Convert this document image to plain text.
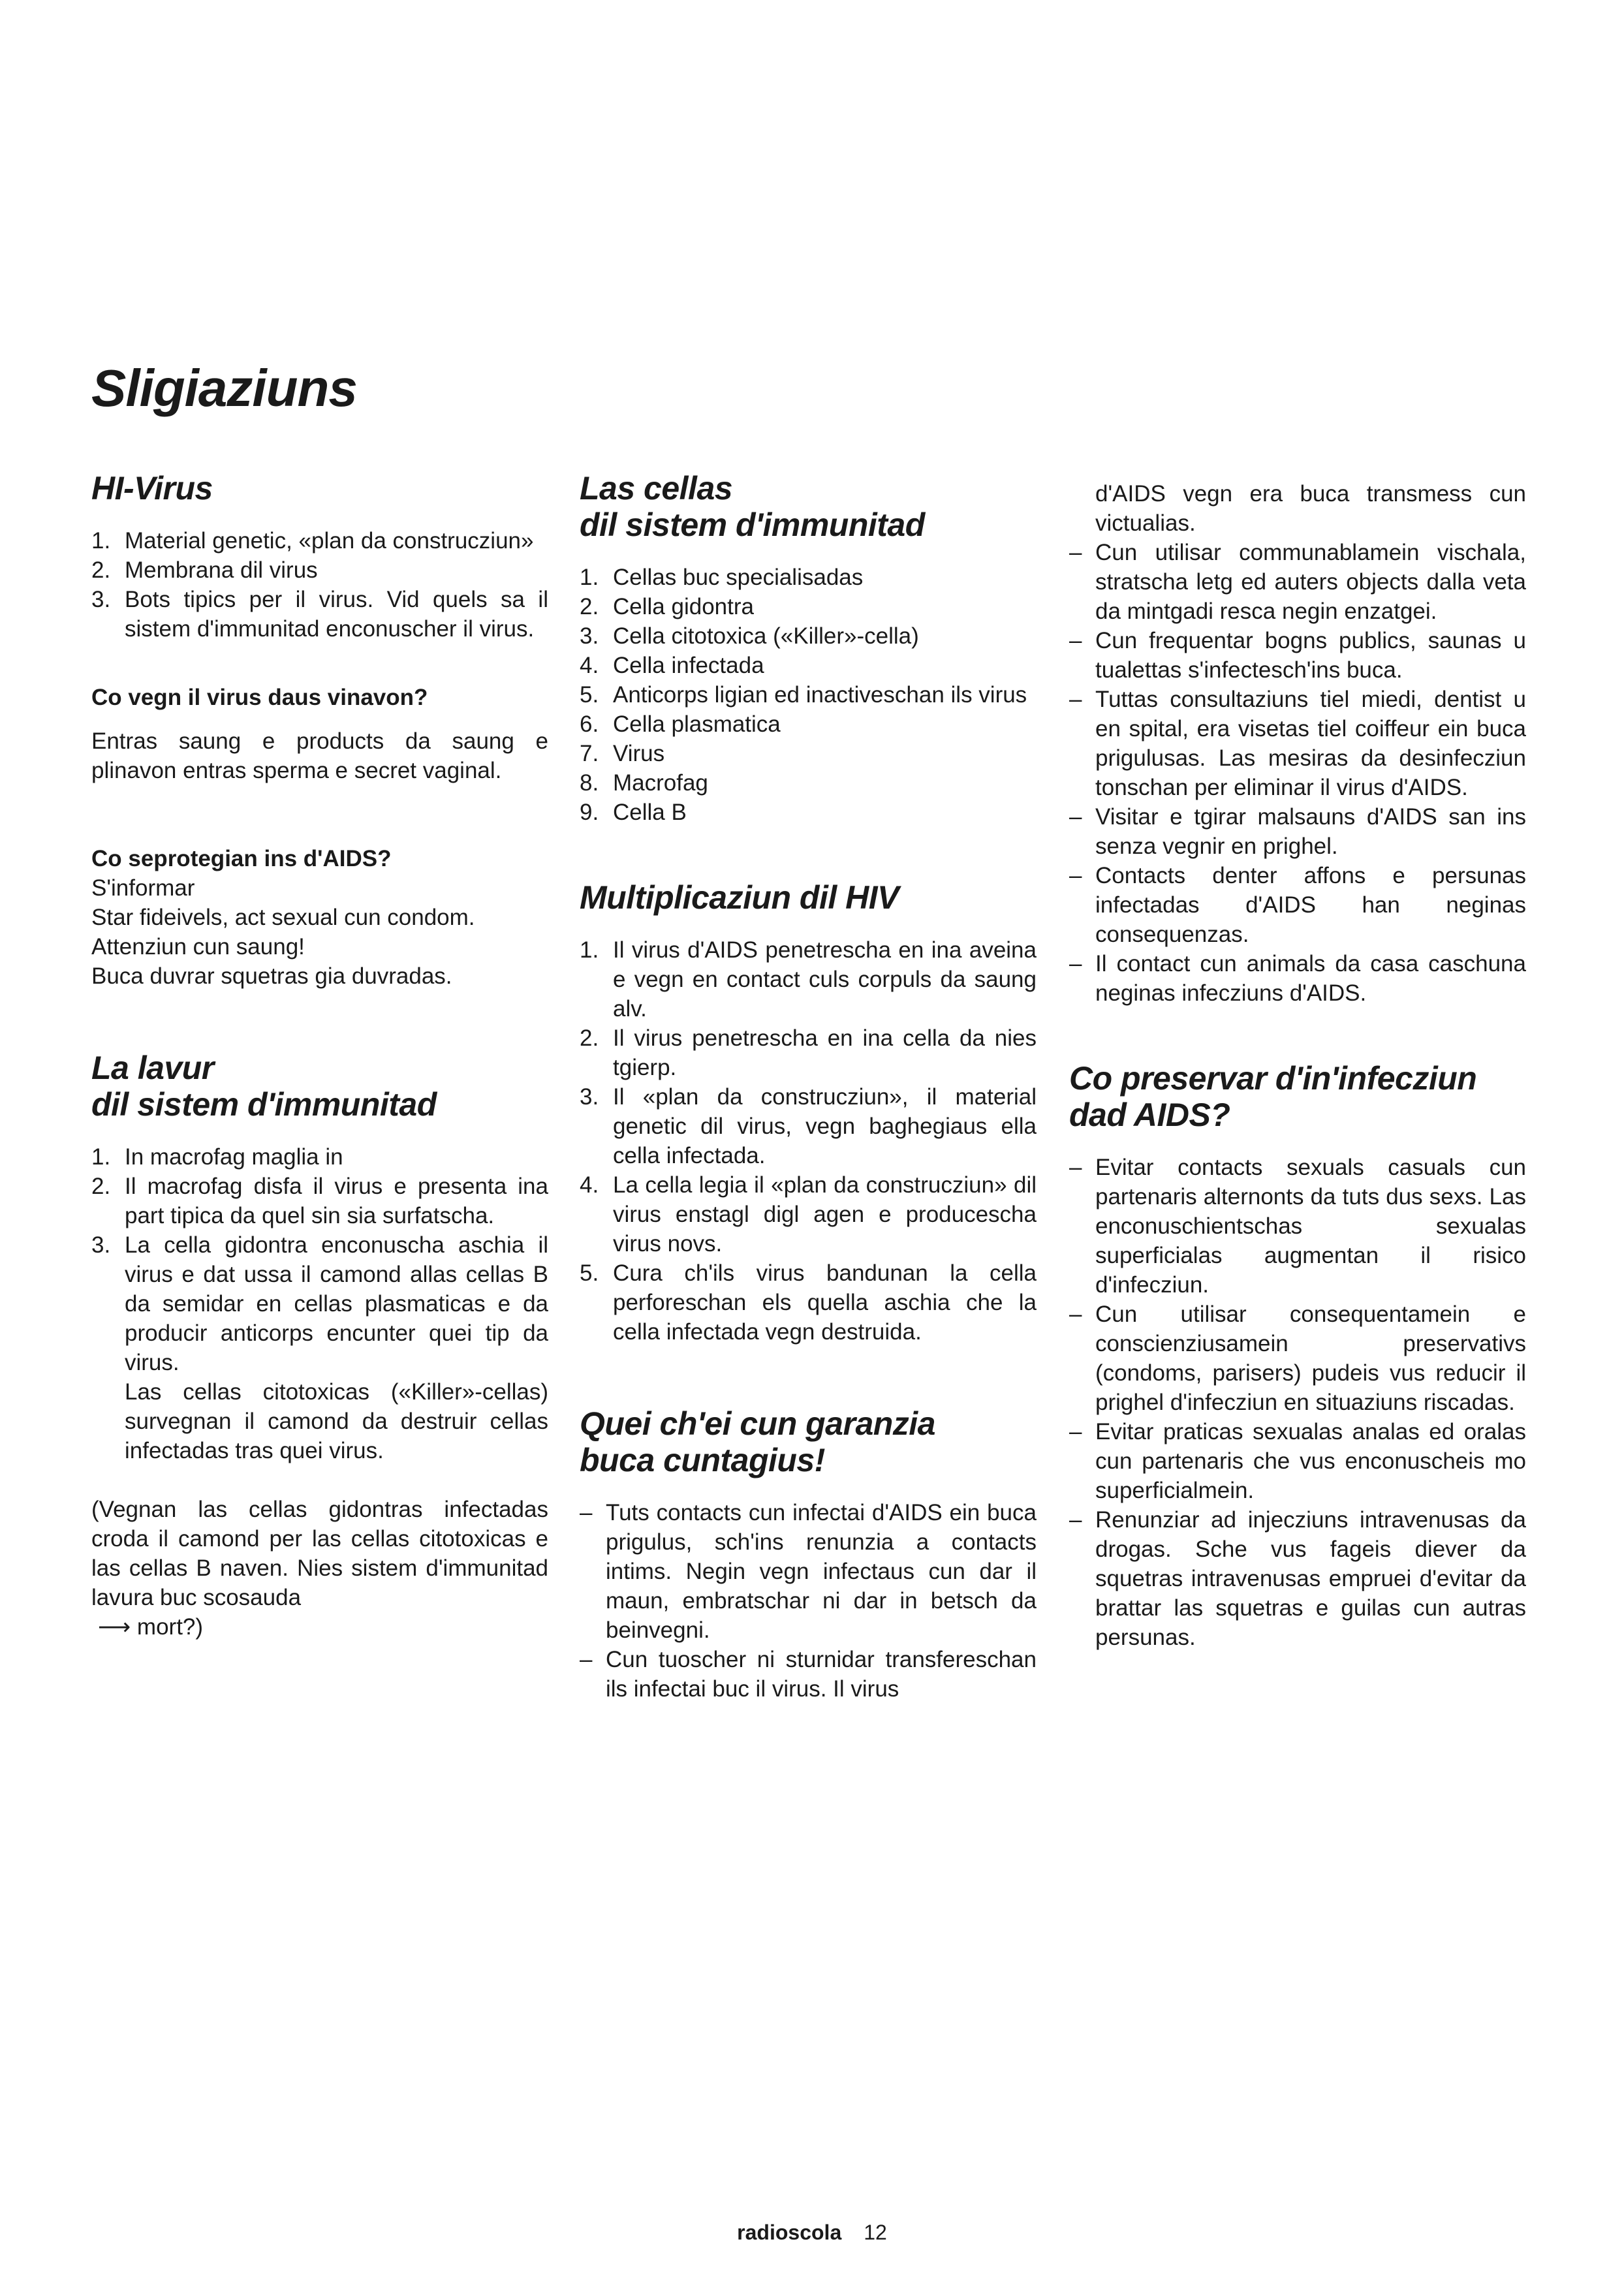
Sligiaziuns
HI-Virus
1. Material genetic, «plan da construcziun»
2. Membrana dil virus
3. Bots tipics per il virus. Vid quels sa il sistem d'immunitad enconuscher il virus.
Co vegn il virus daus vinavon?

Entras saung e products da saung e plinavon entras sperma e secret vaginal.

Co seprotegian ins d'AIDS?

S'informar

Star fideivels, act sexual cun condom.

Attenziun cun saung!

Buca duvrar squetras gia duvradas.

La lavur
dil sistem d'immunitad
1. In macrofag maglia in
2. Il macrofag disfa il virus e presenta ina part tipica da quel sin sia surfatscha.
3. La cella gidontra enconuscha aschia il virus e dat ussa il camond allas cellas B da semidar en cellas plasmaticas e da producir anticorps encunter quei tip da virus.
Las cellas citotoxicas («Killer»-cellas) survegnan il camond da destruir cellas infectadas tras quei virus.

(Vegnan las cellas gidontras infectadas croda il camond per las cellas citotoxicas e las cellas B naven. Nies sistem d'immunitad lavura buc scosauda
⟶ mort?)

Las cellas
dil sistem d'immunitad
1. Cellas buc specialisadas
2. Cella gidontra
3. Cella citotoxica («Killer»-cella)
4. Cella infectada
5. Anticorps ligian ed inactiveschan ils virus
6. Cella plasmatica
7. Virus
8. Macrofag
9. Cella B
Multiplicaziun dil HIV
1. Il virus d'AIDS penetrescha en ina aveina e vegn en contact culs corpuls da saung alv.
2. Il virus penetrescha en ina cella da nies tgierp.
3. Il «plan da construcziun», il material genetic dil virus, vegn baghegiaus ella cella infectada.
4. La cella legia il «plan da construcziun» dil virus enstagl digl agen e producescha virus novs.
5. Cura ch'ils virus bandunan la cella perforeschan els quella aschia che la cella infectada vegn destruida.
Quei ch'ei cun garanzia
buca cuntagius!
– Tuts contacts cun infectai d'AIDS ein buca prigulus, sch'ins renunzia a contacts intims. Negin vegn infectaus cun dar il maun, embratschar ni dar in betsch da beinvegni.
– Cun tuoscher ni sturnidar transfereschan ils infectai buc il virus. Il virus
d'AIDS vegn era buca transmess cun victualias.
– Cun utilisar communablamein vischala, stratscha letg ed auters objects dalla veta da mintgadi resca negin enzatgei.
– Cun frequentar bogns publics, saunas u tualettas s'infectesch'ins buca.
– Tuttas consultaziuns tiel miedi, dentist u en spital, era visetas tiel coiffeur ein buca prigulusas. Las mesiras da desinfecziun tonschan per eliminar il virus d'AIDS.
– Visitar e tgirar malsauns d'AIDS san ins senza vegnir en prighel.
– Contacts denter affons e persunas infectadas d'AIDS han neginas consequenzas.
– Il contact cun animals da casa caschuna neginas infecziuns d'AIDS.
Co preservar d'in'infecziun
dad AIDS?
– Evitar contacts sexuals casuals cun partenaris alternonts da tuts dus sexs. Las enconuschientschas sexualas superficialas augmentan il risico d'infecziun.
– Cun utilisar consequentamein e conscienziusamein preservativs (condoms, parisers) pudeis vus reducir il prighel d'infecziun en situaziuns riscadas.
– Evitar praticas sexualas analas ed oralas cun partenaris che vus enconuscheis mo superficialmein.
– Renunziar ad injecziuns intravenusas da drogas. Sche vus fageis diever da squetras intravenusas empruei d'evitar da brattar las squetras e guilas cun autras persunas.
radioscola 12
